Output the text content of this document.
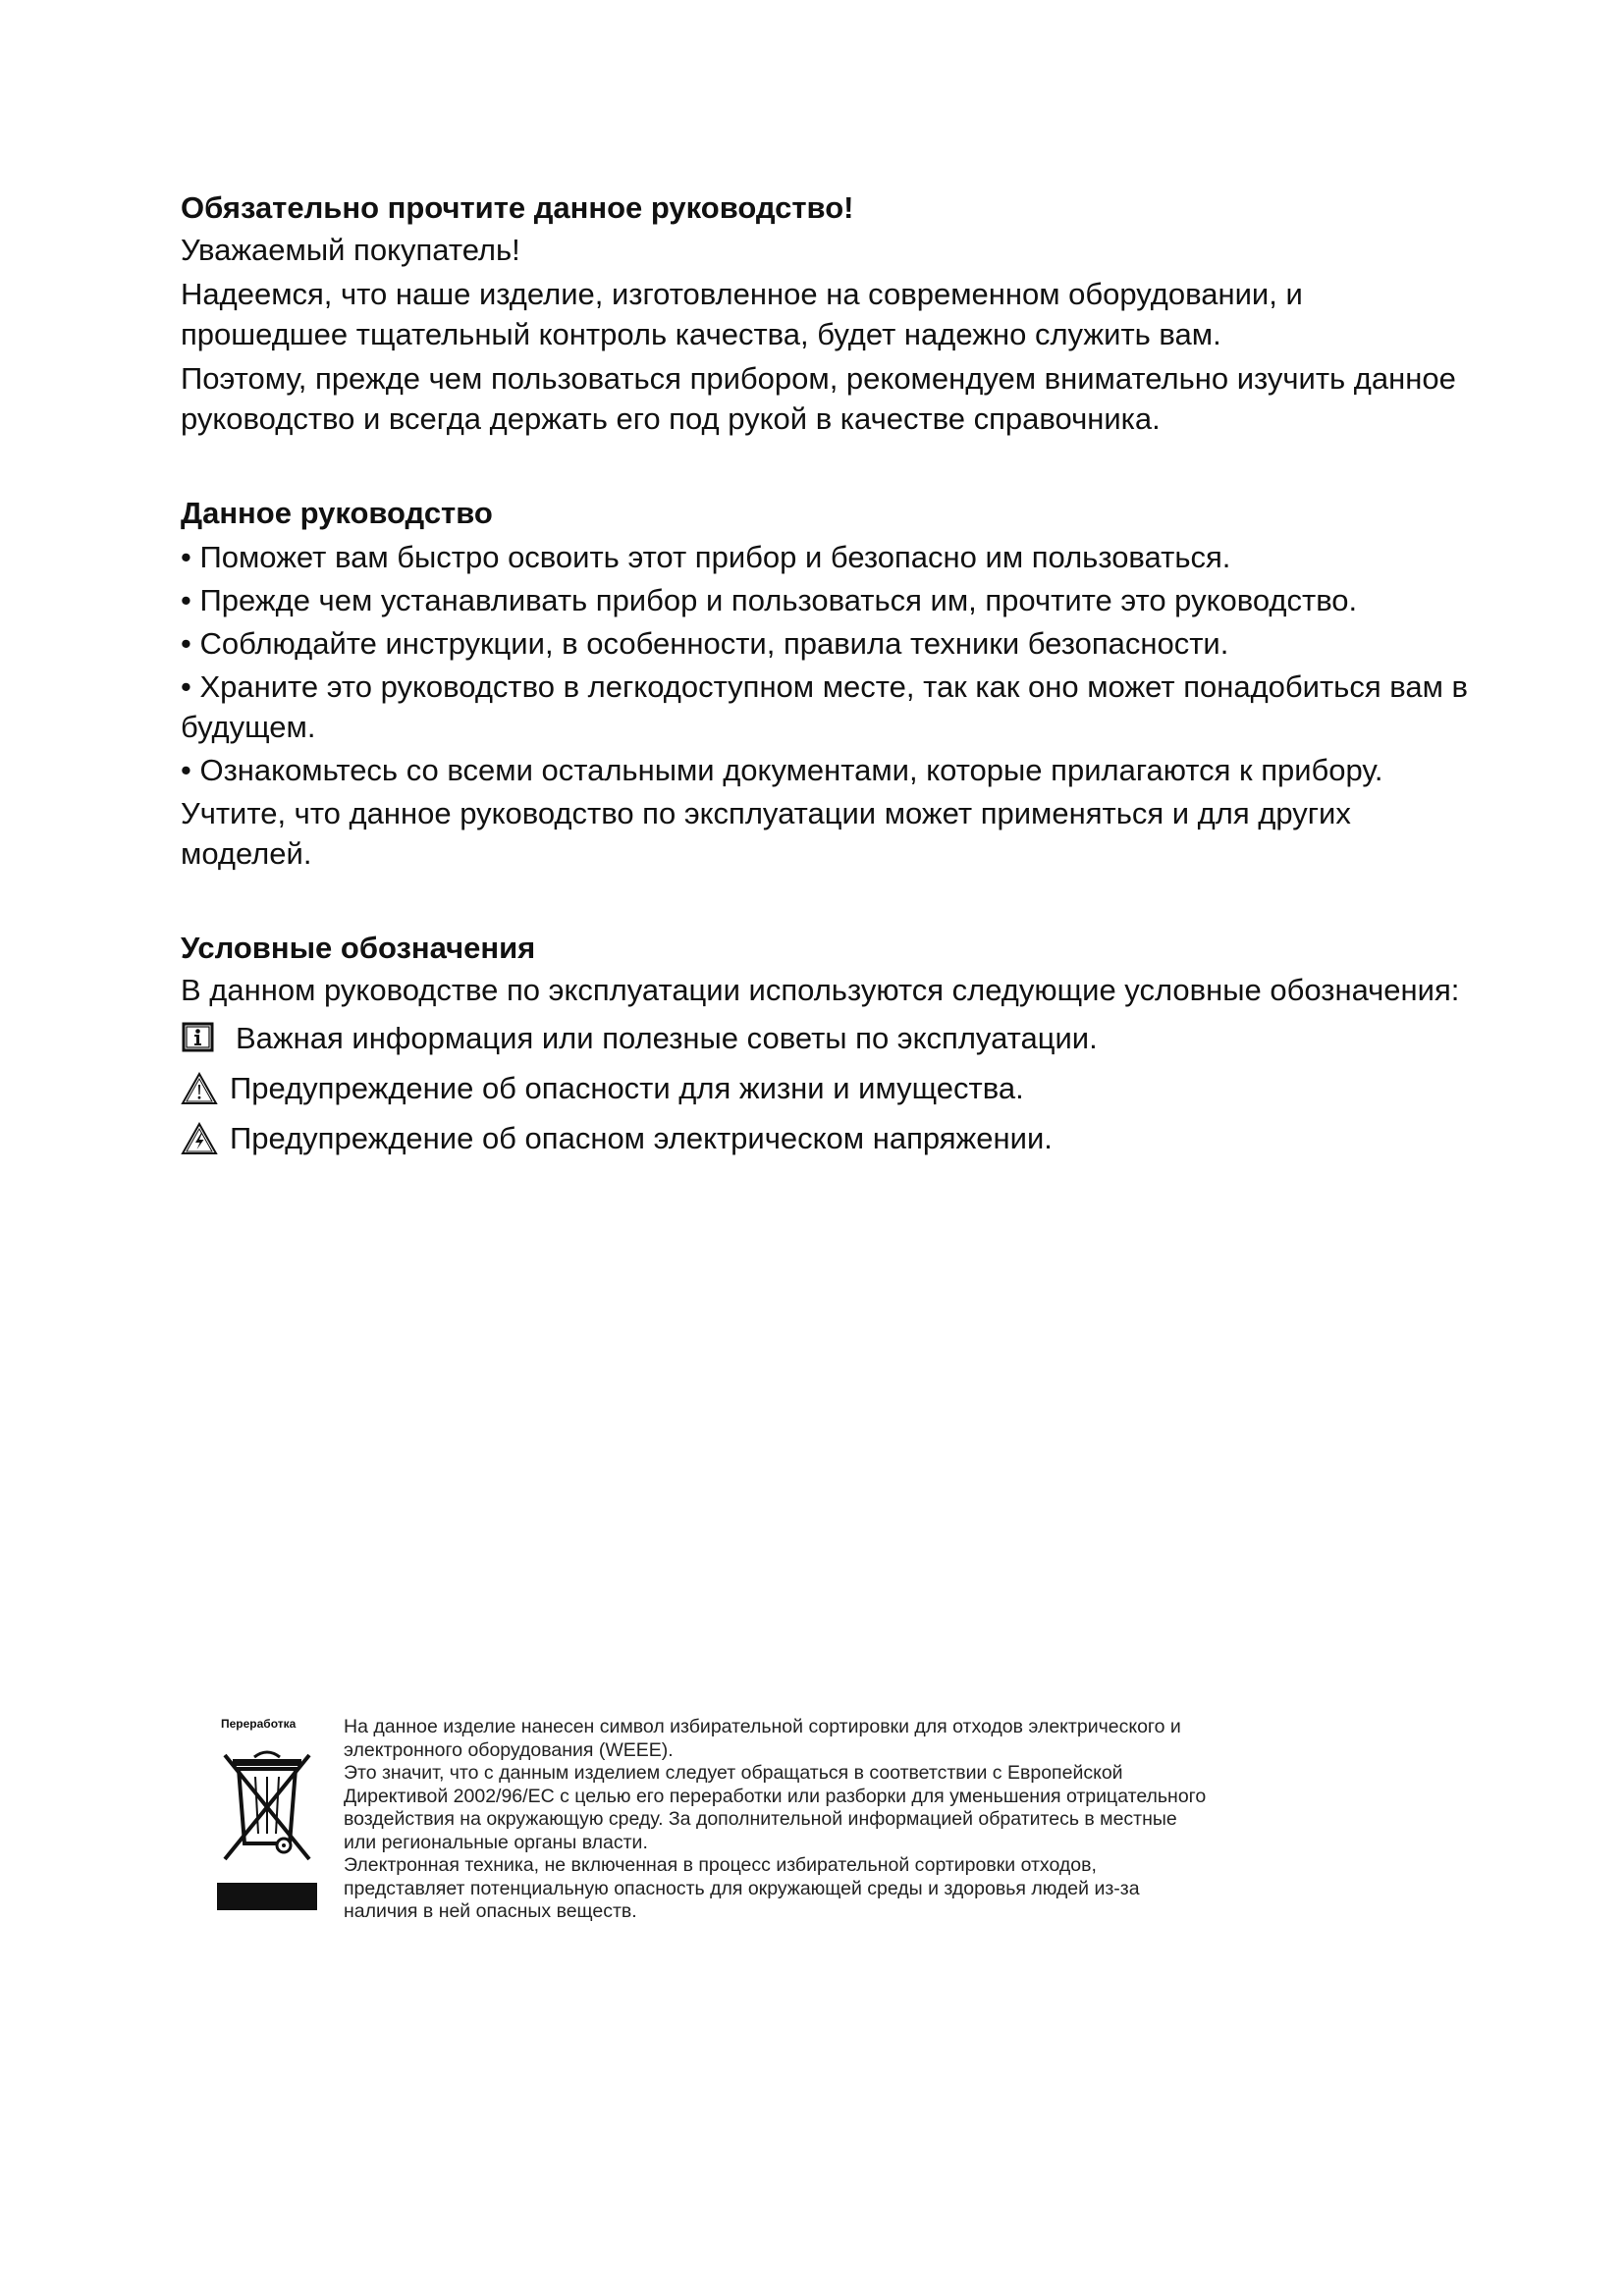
Обязательно прочтите данное руководство!

Уважаемый покупатель!

Надеемся, что наше изделие, изготовленное на современном оборудовании, и прошедшее тщательный контроль качества, будет надежно служить вам.

Поэтому, прежде чем пользоваться прибором, рекомендуем внимательно изучить данное руководство и всегда держать его под рукой в качестве справочника.

Данное руководство

• Поможет вам быстро освоить этот прибор и безопасно им пользоваться.

• Прежде чем устанавливать прибор и пользоваться им, прочтите это руководство.

• Соблюдайте инструкции, в особенности, правила техники безопасности.

• Храните это руководство в легкодоступном месте, так как оно может понадобиться вам в будущем.

• Ознакомьтесь со всеми остальными документами, которые прилагаются к прибору.

Учтите, что данное руководство по эксплуатации может применяться и для других моделей.

Условные обозначения

В данном руководстве по эксплуатации используются следующие условные обозначения:

Важная информация или полезные советы по эксплуатации.
Предупреждение об опасности для жизни и имущества.
Предупреждение об опасном электрическом напряжении.
Переработка	На данное изделие нанесен символ избирательной сортировки для отходов электрического и

электронного оборудования (WEEE).

Это значит, что с данным изделием следует обращаться в соответствии с Европейской

Директивой 2002/96/EC с целью его переработки или разборки для уменьшения отрицательного

воздействия на окружающую среду. За дополнительной информацией обратитесь в местные

или региональные органы власти.

Электронная техника, не включенная в процесс избирательной сортировки отходов,

представляет потенциальную опасность для окружающей среды и здоровья людей из-за

наличия в ней опасных веществ.
